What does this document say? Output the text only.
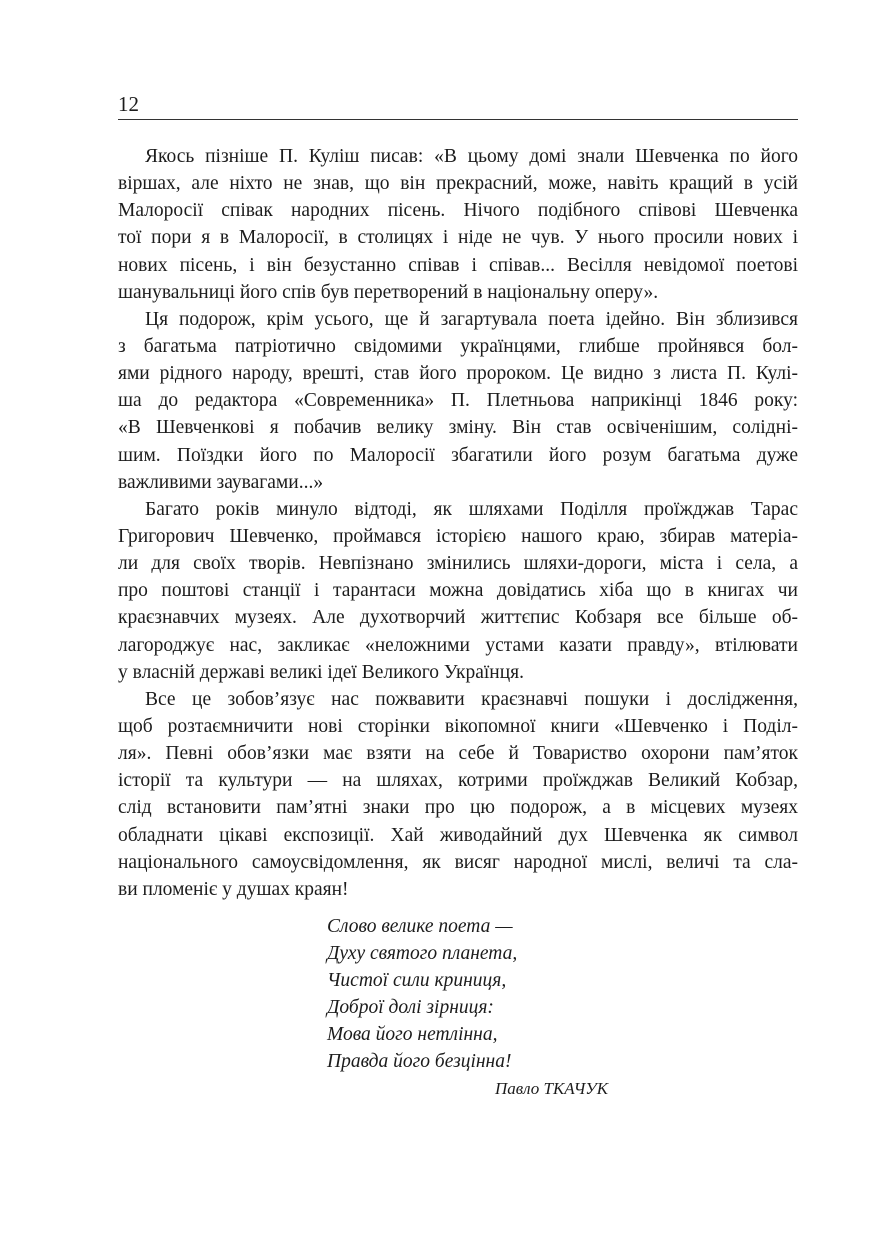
12
Якось пізніше П. Куліш писав: «В цьому домі знали Шевченка по його
віршах, але ніхто не знав, що він прекрасний, може, навіть кращий в усій
Малоросії співак народних пісень. Нічого подібного співові Шевченка
тої пори я в Малоросії, в столицях і ніде не чув. У нього просили нових і
нових пісень, і він безустанно співав і співав... Весілля невідомої поетові
шанувальниці його спів був перетворений в національну оперу».
Ця подорож, крім усього, ще й загартувала поета ідейно. Він зблизився
з багатьма патріотично свідомими українцями, глибше пройнявся бол-
ями рідного народу, врешті, став його пророком. Це видно з листа П. Кулі-
ша до редактора «Современника» П. Плетньова наприкінці 1846 року:
«В Шевченкові я побачив велику зміну. Він став освіченішим, солідні-
шим. Поїздки його по Малоросії збагатили його розум багатьма дуже
важливими заувагами...»
Багато років минуло відтоді, як шляхами Поділля проїжджав Тарас
Григорович Шевченко, проймався історією нашого краю, збирав матеріа-
ли для своїх творів. Невпізнано змінились шляхи-дороги, міста і села, а
про поштові станції і тарантаси можна довідатись хіба що в книгах чи
краєзнавчих музеях. Але духотворчий життєпис Кобзаря все більше об-
лагороджує нас, закликає «неложними устами казати правду», втілювати
у власній державі великі ідеї Великого Українця.
Все це зобов’язує нас пожвавити краєзнавчі пошуки і дослідження,
щоб розтаємничити нові сторінки вікопомної книги «Шевченко і Поділ-
ля». Певні обов’язки має взяти на себе й Товариство охорони пам’яток
історії та культури — на шляхах, котрими проїжджав Великий Кобзар,
слід встановити пам’ятні знаки про цю подорож, а в місцевих музеях
обладнати цікаві експозиції. Хай живодайний дух Шевченка як символ
національного самоусвідомлення, як висяг народної мислі, величі та сла-
ви пломеніє у душах краян!
Слово велике поета —
Духу святого планета,
Чистої сили криниця,
Доброї долі зірниця:
Мова його нетлінна,
Правда його безцінна!
Павло ТКАЧУК
